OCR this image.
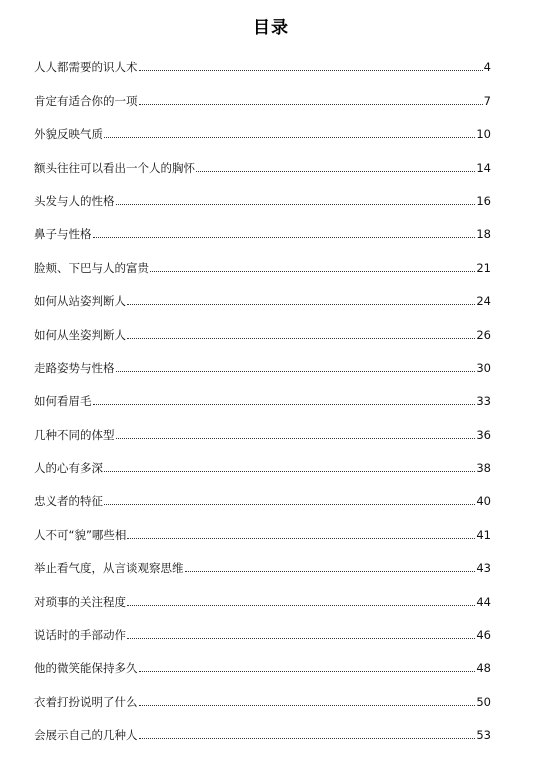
目录
人人都需要的识人术	4
肯定有适合你的一项	7
外貌反映气质	10
额头往往可以看出一个人的胸怀	14
头发与人的性格	16
鼻子与性格	18
脸颊、下巴与人的富贵	21
如何从站姿判断人	24
如何从坐姿判断人	26
走路姿势与性格	30
如何看眉毛	33
几种不同的体型	36
人的心有多深	38
忠义者的特征	40
人不可“貌”哪些相	41
举止看气度，从言谈观察思维	43
对琐事的关注程度	44
说话时的手部动作	46
他的微笑能保持多久	48
衣着打扮说明了什么	50
会展示自己的几种人	53
